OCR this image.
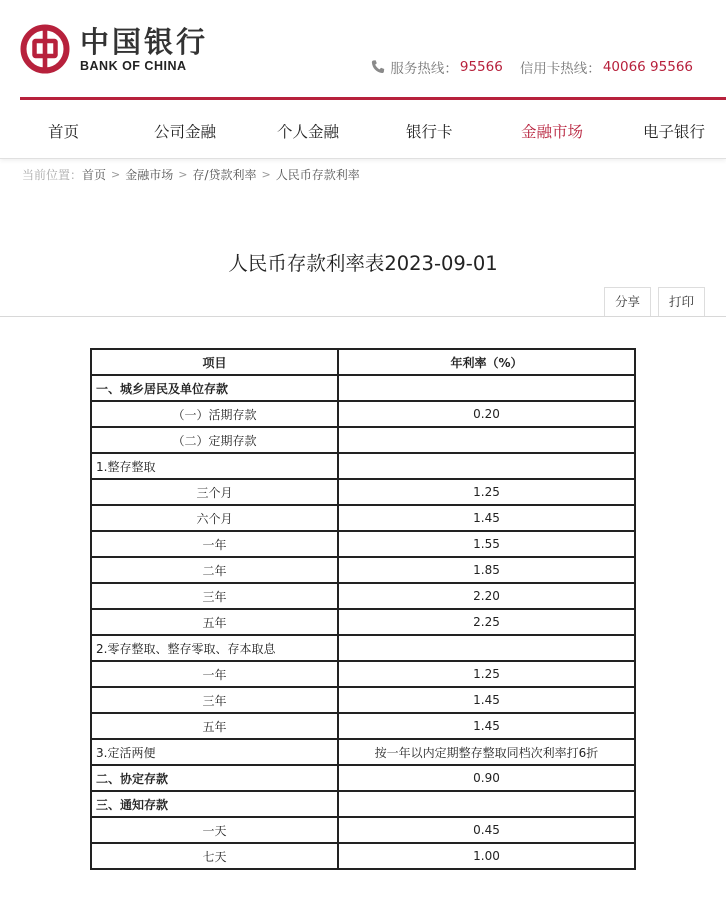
中国银行
BANK OF CHINA	服务热线： 95566 信用卡热线： 40066 95566
首页	公司金融	个人金融	银行卡	金融市场	电子银行
当前位置： 首页 > 金融市场 > 存/贷款利率 > 人民币存款利率
人民币存款利率表2023-09-01
分享	打印
项目	年利率（%）
一、城乡居民及单位存款	
（一）活期存款	0.20
（二）定期存款	
1.整存整取	
三个月	1.25
六个月	1.45
一年	1.55
二年	1.85
三年	2.20
五年	2.25
2.零存整取、整存零取、存本取息	
一年	1.25
三年	1.45
五年	1.45
3.定活两便	按一年以内定期整存整取同档次利率打6折
二、协定存款	0.90
三、通知存款	
一天	0.45
七天	1.00
